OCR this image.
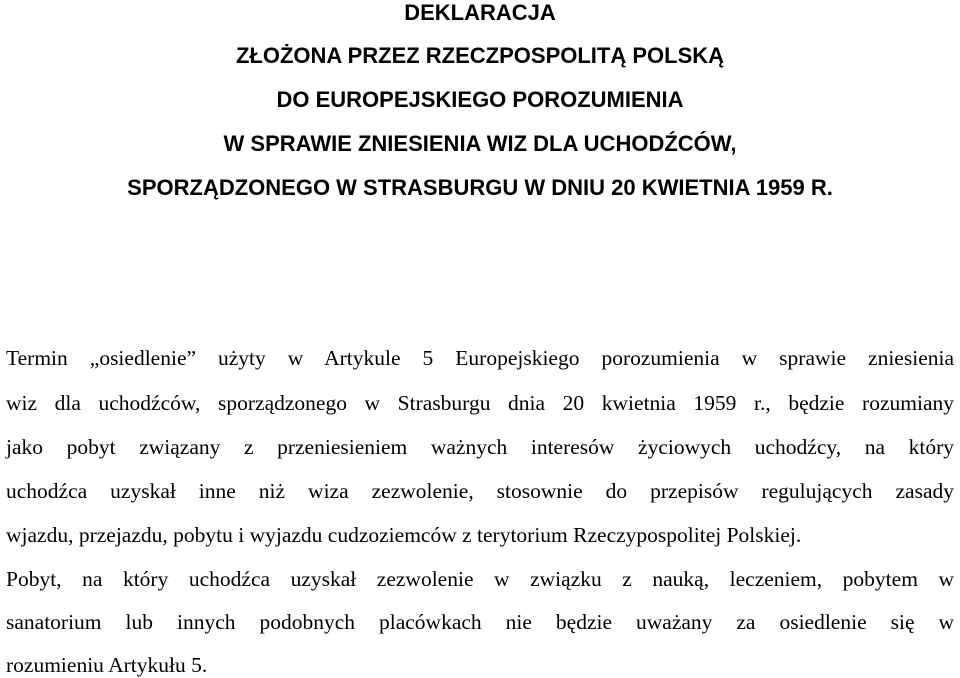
DEKLARACJA
ZŁOŻONA PRZEZ RZECZPOSPOLITĄ POLSKĄ
DO EUROPEJSKIEGO POROZUMIENIA
W SPRAWIE ZNIESIENIA WIZ DLA UCHODŹCÓW,
SPORZĄDZONEGO W STRASBURGU W DNIU 20 KWIETNIA 1959 R.
Termin „osiedlenie” użyty w Artykule 5 Europejskiego porozumienia w sprawie zniesienia
wiz dla uchodźców, sporządzonego w Strasburgu dnia 20 kwietnia 1959 r., będzie rozumiany
jako pobyt związany z przeniesieniem ważnych interesów życiowych uchodźcy, na który
uchodźca uzyskał inne niż wiza zezwolenie, stosownie do przepisów regulujących zasady
wjazdu, przejazdu, pobytu i wyjazdu cudzoziemców z terytorium Rzeczypospolitej Polskiej.
Pobyt, na który uchodźca uzyskał zezwolenie w związku z nauką, leczeniem, pobytem w
sanatorium lub innych podobnych placówkach nie będzie uważany za osiedlenie się w
rozumieniu Artykułu 5.
